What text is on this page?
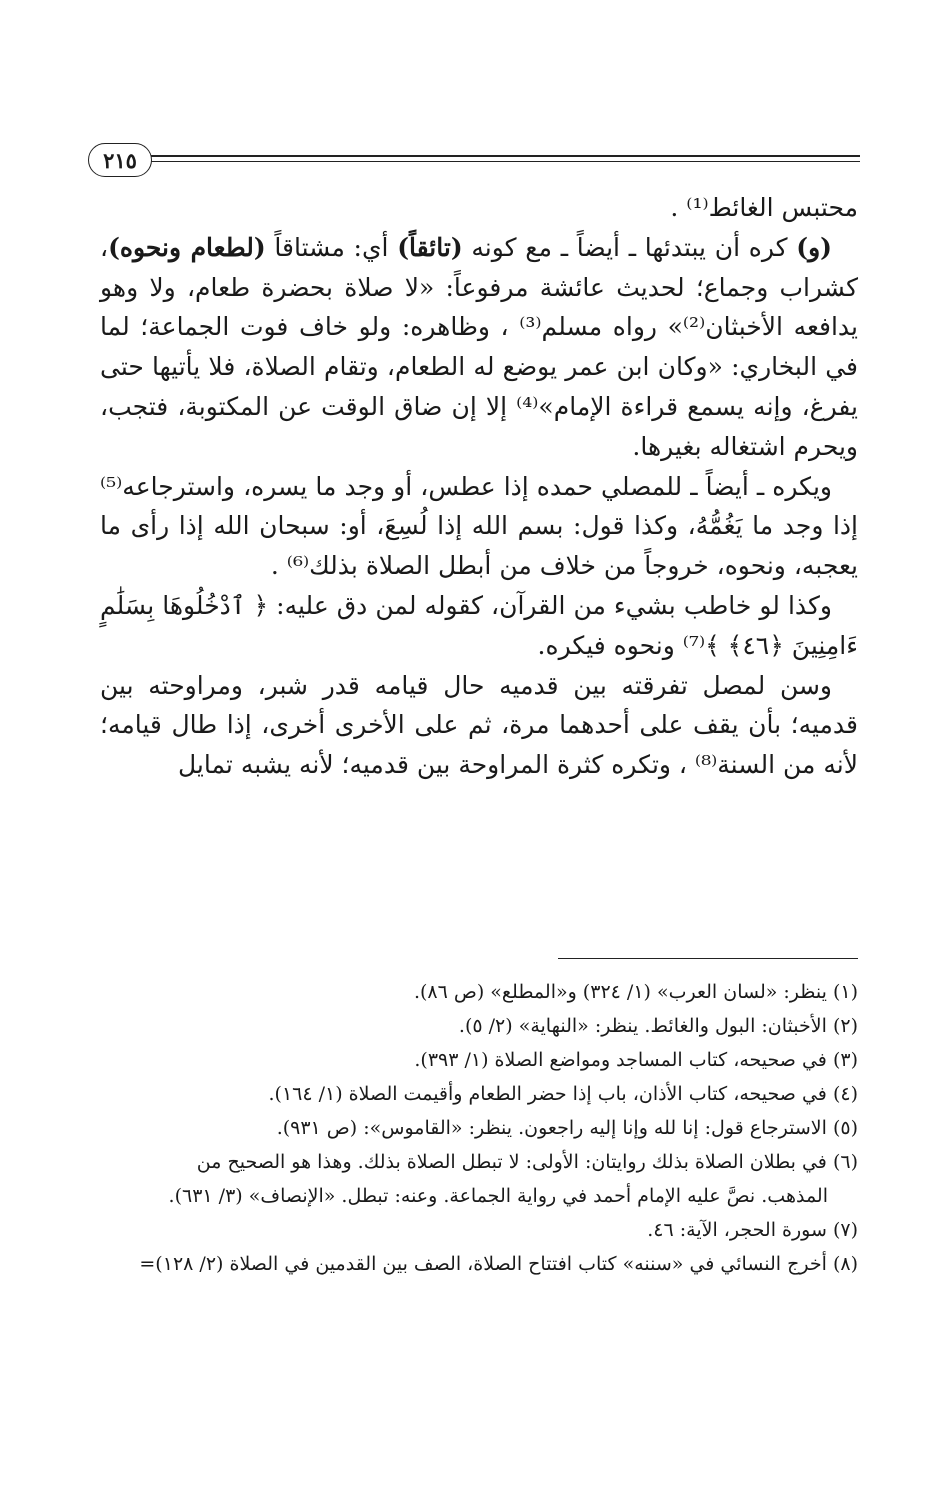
٢١٥

محتبس الغائط⁽¹⁾ .

(و) كره أن يبتدئها ـ أيضاً ـ مع كونه (تائقاً) أي: مشتاقاً (لطعام ونحوه)، كشراب وجماع؛ لحديث عائشة مرفوعاً: «لا صلاة بحضرة طعام، ولا وهو يدافعه الأخبثان⁽²⁾» رواه مسلم⁽³⁾ ، وظاهره: ولو خاف فوت الجماعة؛ لما في البخاري: «وكان ابن عمر يوضع له الطعام، وتقام الصلاة، فلا يأتيها حتى يفرغ، وإنه يسمع قراءة الإمام»⁽⁴⁾ إلا إن ضاق الوقت عن المكتوبة، فتجب، ويحرم اشتغاله بغيرها.

ويكره ـ أيضاً ـ للمصلي حمده إذا عطس، أو وجد ما يسره، واسترجاعه⁽⁵⁾ إذا وجد ما يَغُمُّهُ، وكذا قول: بسم الله إذا لُسِعَ، أو: سبحان الله إذا رأى ما يعجبه، ونحوه، خروجاً من خلاف من أبطل الصلاة بذلك⁽⁶⁾ .

وكذا لو خاطب بشيء من القرآن، كقوله لمن دق عليه: ﴿ ٱدْخُلُوهَا بِسَلَٰمٍ ءَامِنِينَ ﴿٤٦﴾ ﴾⁽⁷⁾ ونحوه فيكره.

وسن لمصل تفرقته بين قدميه حال قيامه قدر شبر، ومراوحته بين قدميه؛ بأن يقف على أحدهما مرة، ثم على الأخرى أخرى، إذا طال قيامه؛ لأنه من السنة⁽⁸⁾ ، وتكره كثرة المراوحة بين قدميه؛ لأنه يشبه تمايل

(١) ينظر: «لسان العرب» (١/ ٣٢٤) و«المطلع» (ص ٨٦).
(٢) الأخبثان: البول والغائط. ينظر: «النهاية» (٢/ ٥).
(٣) في صحيحه، كتاب المساجد ومواضع الصلاة (١/ ٣٩٣).
(٤) في صحيحه، كتاب الأذان، باب إذا حضر الطعام وأقيمت الصلاة (١/ ١٦٤).
(٥) الاسترجاع قول: إنا لله وإنا إليه راجعون. ينظر: «القاموس»: (ص ٩٣١).
(٦) في بطلان الصلاة بذلك روايتان: الأولى: لا تبطل الصلاة بذلك. وهذا هو الصحيح من
المذهب. نصَّ عليه الإمام أحمد في رواية الجماعة. وعنه: تبطل. «الإنصاف» (٣/ ٦٣١).
(٧) سورة الحجر، الآية: ٤٦.
(٨) أخرج النسائي في «سننه» كتاب افتتاح الصلاة، الصف بين القدمين في الصلاة (٢/ ١٢٨)=
